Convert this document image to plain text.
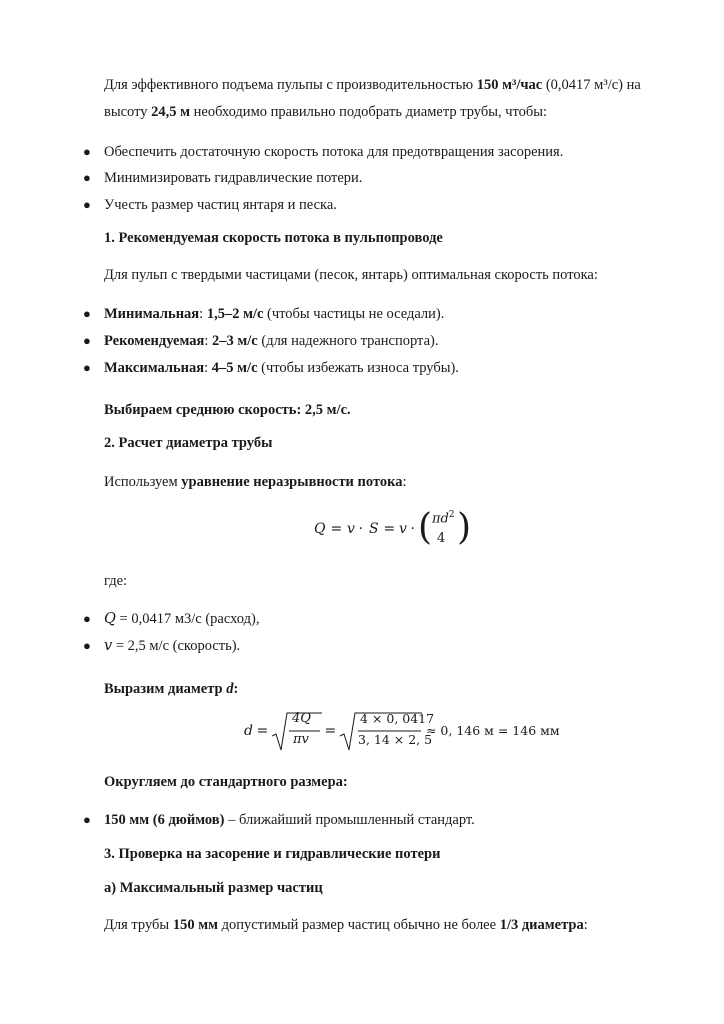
Для эффективного подъема пульпы с производительностью 150 м³/час (0,0417 м³/с) на
высоту 24,5 м необходимо правильно подобрать диаметр трубы, чтобы:
● Обеспечить достаточную скорость потока для предотвращения засорения.
● Минимизировать гидравлические потери.
● Учесть размер частиц янтаря и песка.
1. Рекомендуемая скорость потока в пульпопроводе
Для пульп с твердыми частицами (песок, янтарь) оптимальная скорость потока:
● Минимальная: 1,5–2 м/с (чтобы частицы не оседали).
● Рекомендуемая: 2–3 м/с (для надежного транспорта).
● Максимальная: 4–5 м/с (чтобы избежать износа трубы).
Выбираем среднюю скорость: 2,5 м/с.
2. Расчет диаметра трубы
Используем уравнение неразрывности потока:
Q = v · S = v ·
( $\pi d^2$
4 )
где:
● Q = 0,0417 м3/с (расход),
● v = 2,5 м/с (скорость).
Выразим диаметр d:
d =
4Q
πv
=
4 × 0, 0417
3, 14 × 2, 5
≈ 0, 146 м = 146 мм
Округляем до стандартного размера:
● 150 мм (6 дюймов) – ближайший промышленный стандарт.
3. Проверка на засорение и гидравлические потери
а) Максимальный размер частиц
Для трубы 150 мм допустимый размер частиц обычно не более 1/3 диаметра:
